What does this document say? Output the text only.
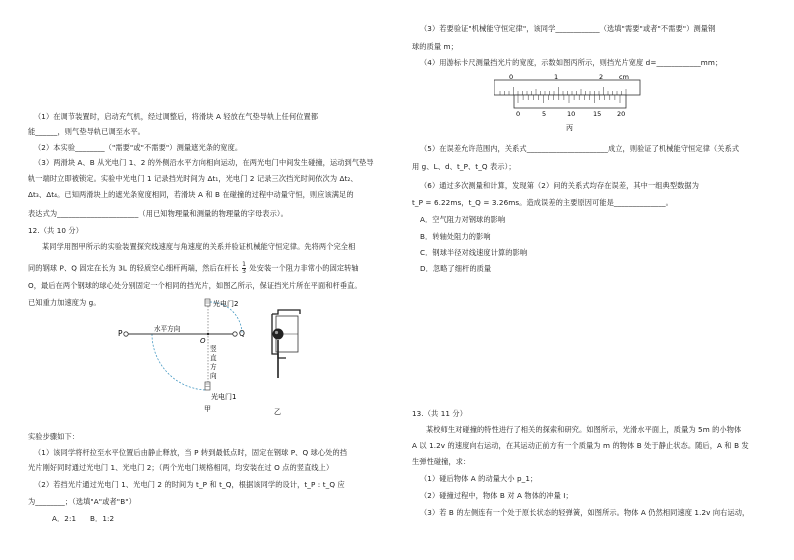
（1）在调节装置时，启动充气机，经过调整后，将滑块 A 轻放在气垫导轨上任何位置都
能______，则气垫导轨已调至水平。
（2）本实验________（"需要"或"不需要"）测量遮光条的宽度。
（3）两滑块 A、B 从光电门 1、2 的外侧沿水平方向相向运动，在两光电门中间发生碰撞，运动到气垫导
轨一端时立即被锁定。实验中光电门 1 记录挡光时间为 Δt₁，光电门 2 记录三次挡光时间依次为 Δt₂、
Δt₃、Δt₄。已知两滑块上的遮光条宽度相同，若滑块 A 和 B 在碰撞的过程中动量守恒，则应该满足的
表达式为______________________（用已知物理量和测量的物理量的字母表示）。
12.（共 10 分）
某同学用图甲所示的实验装置探究线速度与角速度的关系并验证机械能守恒定律。先将两个完全相
同的钢球 P、Q 固定在长为 3L 的轻质空心细杆两端，然后在杆长 $\frac{1}{3}$ 处安装一个阻力非常小的固定转轴
O，最后在两个钢球的球心处分别固定一个相同的挡光片，如图乙所示，保证挡光片所在平面和杆垂直。
已知重力加速度为 g。	光电门2
光电门1
P	Q
O
水平方向
竖
直
方
向
甲	乙
实验步骤如下：
（1）该同学将杆拉至水平位置后由静止释放，当 P 转到最低点时，固定在钢球 P、Q 球心处的挡
光片刚好同时通过光电门 1、光电门 2；（两个光电门规格相同，均安装在过 O 点的竖直线上）
（2）若挡光片通过光电门 1、光电门 2 的时间为 t_P 和 t_Q，根据该同学的设计，t_P : t_Q 应
为________；（选填"A"或者"B"）
A．2:1 B．1:2
（3）若要验证"机械能守恒定律"，该同学____________（选填"需要"或者"不需要"）测量钢
球的质量 m；
（4）用游标卡尺测量挡光片的宽度，示数如图丙所示，则挡光片宽度 d=____________mm；
0	1	2 cm
0	5	10	15 20
丙
（5）在误差允许范围内，关系式______________________成立，则验证了机械能守恒定律（关系式
用 g、L、d、t_P、t_Q 表示）；
（6）通过多次测量和计算，发现第（2）问的关系式均存在误差，其中一组典型数据为
t_P = 6.22ms，t_Q = 3.26ms。造成误差的主要原因可能是______________。
A．空气阻力对钢球的影响
B．转轴处阻力的影响
C．钢球半径对线速度计算的影响
D．忽略了细杆的质量
13.（共 11 分）
某校师生对碰撞的特性进行了相关的探索和研究。如图所示，光滑水平面上，质量为 5m 的小物体
A 以 1.2v 的速度向右运动，在其运动正前方有一个质量为 m 的物体 B 处于静止状态。随后，A 和 B 发
生弹性碰撞，求：
（1）碰后物体 A 的动量大小 p_1；
（2）碰撞过程中，物体 B 对 A 物体的冲量 I；
（3）若 B 的左侧连有一个处于原长状态的轻弹簧，如图所示。物体 A 仍然相同速度 1.2v 向右运动，
